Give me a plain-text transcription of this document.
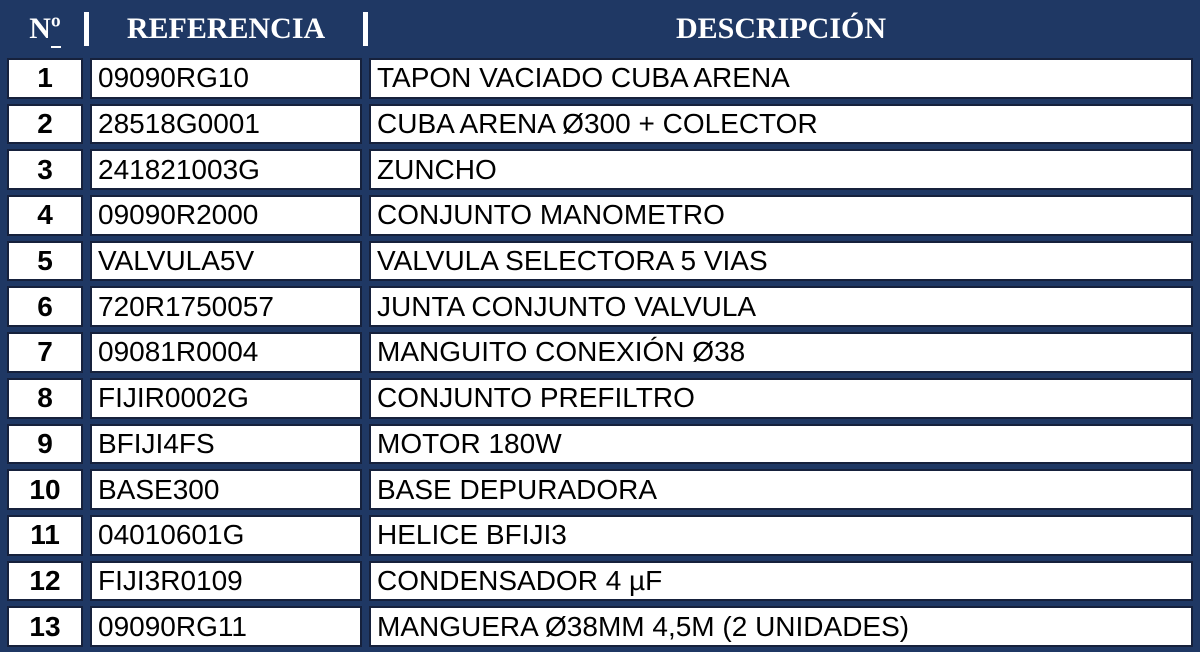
Nº	REFERENCIA	DESCRIPCIÓN
1	09090RG10	TAPON VACIADO CUBA ARENA
2	28518G0001	CUBA ARENA Ø300 + COLECTOR
3	241821003G	ZUNCHO
4	09090R2000	CONJUNTO MANOMETRO
5	VALVULA5V	VALVULA SELECTORA 5 VIAS
6	720R1750057	JUNTA CONJUNTO VALVULA
7	09081R0004	MANGUITO CONEXIÓN Ø38
8	FIJIR0002G	CONJUNTO PREFILTRO
9	BFIJI4FS	MOTOR 180W
10	BASE300	BASE DEPURADORA
11	04010601G	HELICE BFIJI3
12	FIJI3R0109	CONDENSADOR 4 µF
13	09090RG11	MANGUERA Ø38MM 4,5M (2 UNIDADES)
